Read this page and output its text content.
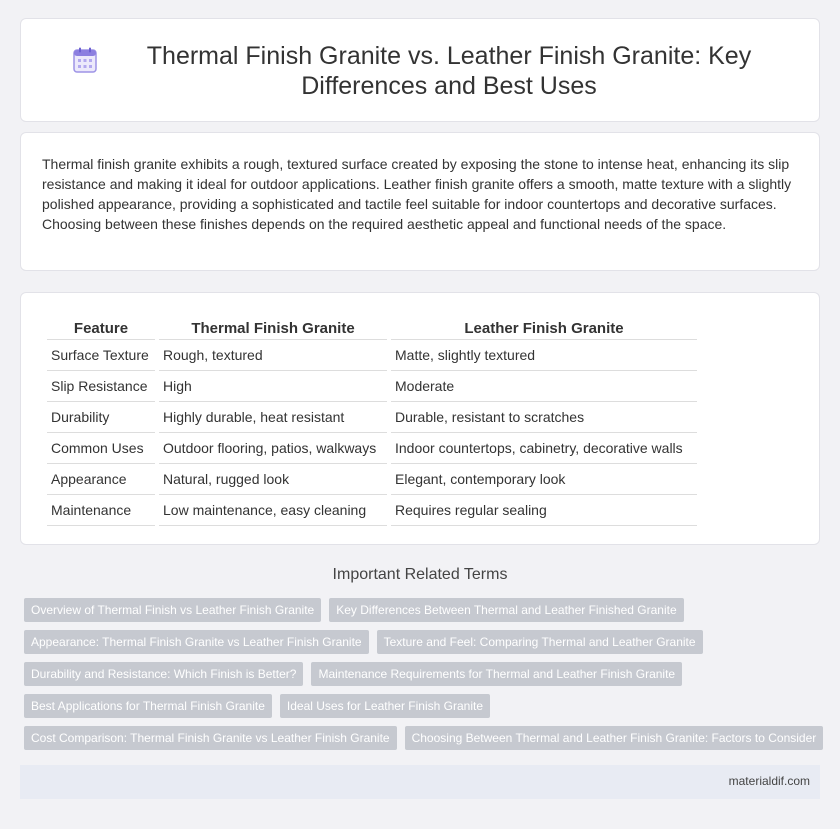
Thermal Finish Granite vs. Leather Finish Granite: Key Differences and Best Uses

Thermal finish granite exhibits a rough, textured surface created by exposing the stone to intense heat, enhancing its slip resistance and making it ideal for outdoor applications. Leather finish granite offers a smooth, matte texture with a slightly polished appearance, providing a sophisticated and tactile feel suitable for indoor countertops and decorative surfaces. Choosing between these finishes depends on the required aesthetic appeal and functional needs of the space.

Feature	Thermal Finish Granite	Leather Finish Granite
Surface Texture	Rough, textured	Matte, slightly textured
Slip Resistance	High	Moderate
Durability	Highly durable, heat resistant	Durable, resistant to scratches
Common Uses	Outdoor flooring, patios, walkways	Indoor countertops, cabinetry, decorative walls
Appearance	Natural, rugged look	Elegant, contemporary look
Maintenance	Low maintenance, easy cleaning	Requires regular sealing
Important Related Terms
Overview of Thermal Finish vs Leather Finish Granite	Key Differences Between Thermal and Leather Finished Granite
Appearance: Thermal Finish Granite vs Leather Finish Granite	Texture and Feel: Comparing Thermal and Leather Granite
Durability and Resistance: Which Finish is Better?	Maintenance Requirements for Thermal and Leather Finish Granite
Best Applications for Thermal Finish Granite	Ideal Uses for Leather Finish Granite
Cost Comparison: Thermal Finish Granite vs Leather Finish Granite	Choosing Between Thermal and Leather Finish Granite: Factors to Consider
materialdif.com
